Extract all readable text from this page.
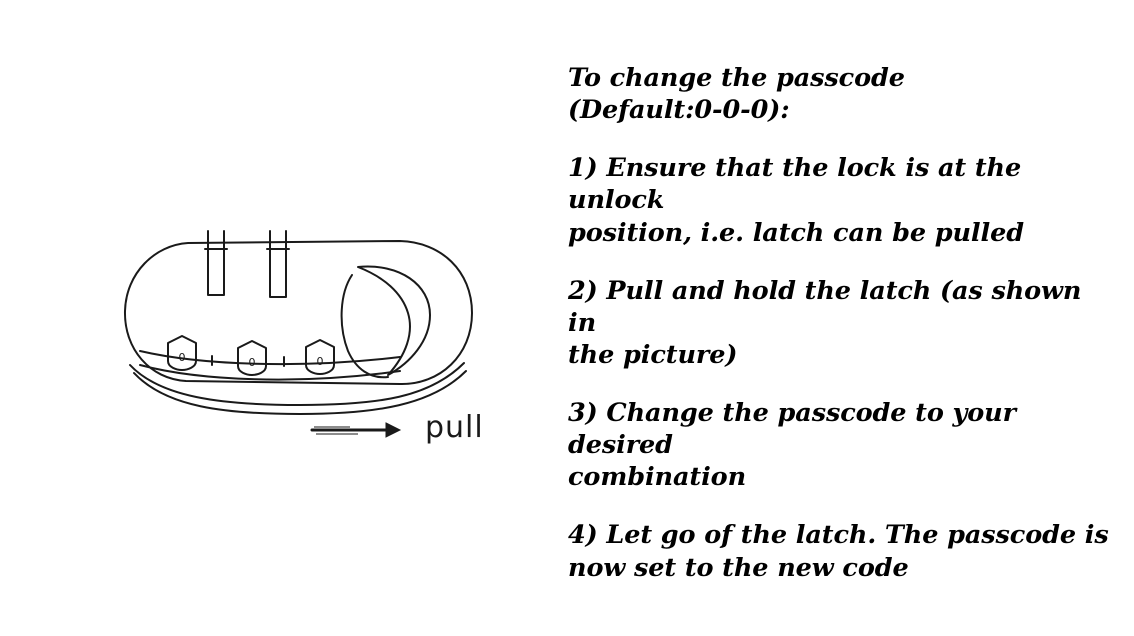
0	0	0
pull
To change the passcode
(Default:0-0-0):
1) Ensure that the lock is at the unlock
position, i.e. latch can be pulled
2) Pull and hold the latch (as shown in
the picture)
3) Change the passcode to your desired
combination
4) Let go of the latch. The passcode is
now set to the new code
